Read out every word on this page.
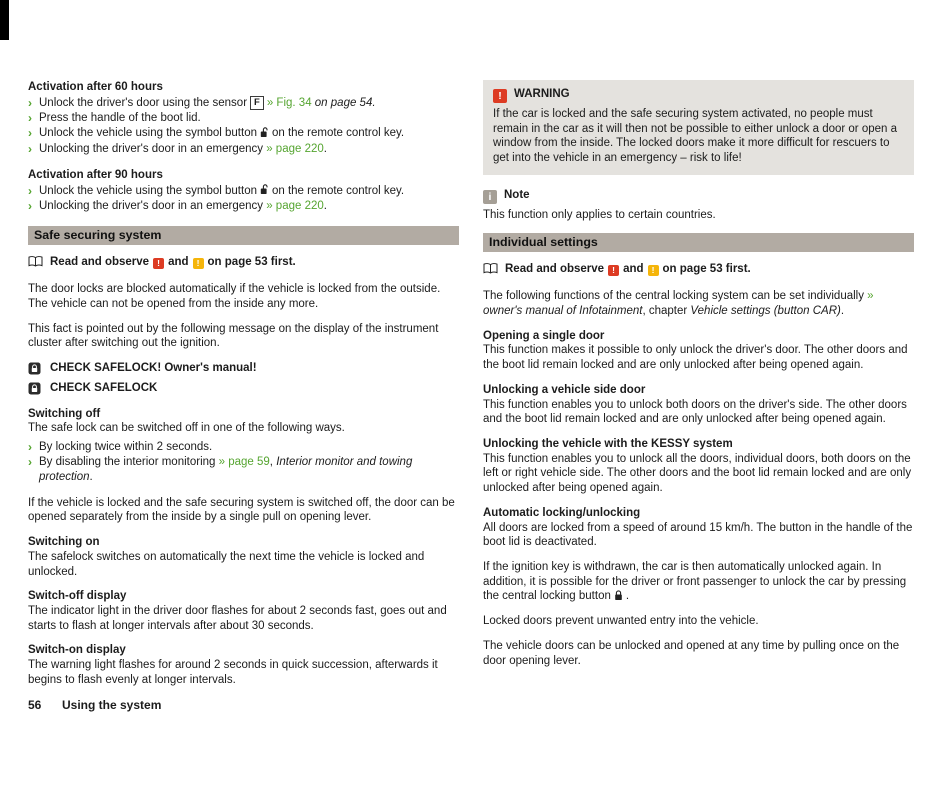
Activation after 60 hours
› Unlock the driver's door using the sensor F » Fig. 34 on page 54.
› Press the handle of the boot lid.
› Unlock the vehicle using the symbol button on the remote control key.
› Unlocking the driver's door in an emergency » page 220.
Activation after 90 hours
› Unlock the vehicle using the symbol button on the remote control key.
› Unlocking the driver's door in an emergency » page 220.
Safe securing system
Read and observe ! and ! on page 53 first.

The door locks are blocked automatically if the vehicle is locked from the outside. The vehicle can not be opened from the inside any more.

This fact is pointed out by the following message on the display of the instrument cluster after switching out the ignition.

CHECK SAFELOCK! Owner's manual!
CHECK SAFELOCK
Switching off

The safe lock can be switched off in one of the following ways.

› By locking twice within 2 seconds.
› By disabling the interior monitoring » page 59, Interior monitor and towing protection.

If the vehicle is locked and the safe securing system is switched off, the door can be opened separately from the inside by a single pull on opening lever.

Switching on

The safelock switches on automatically the next time the vehicle is locked and unlocked.

Switch-off display

The indicator light in the driver door flashes for about 2 seconds fast, goes out and starts to flash at longer intervals after about 30 seconds.

Switch-on display

The warning light flashes for around 2 seconds in quick succession, afterwards it begins to flash evenly at longer intervals.

! WARNING
If the car is locked and the safe securing system activated, no people must remain in the car as it will then not be possible to either unlock a door or open a window from the inside. The locked doors make it more difficult for rescuers to get into the vehicle in an emergency – risk to life!
i Note

This function only applies to certain countries.

Individual settings
Read and observe ! and ! on page 53 first.

The following functions of the central locking system can be set individually » owner's manual of Infotainment, chapter Vehicle settings (button CAR).

Opening a single door

This function makes it possible to only unlock the driver's door. The other doors and the boot lid remain locked and are only unlocked after being opened again.

Unlocking a vehicle side door

This function enables you to unlock both doors on the driver's side. The other doors and the boot lid remain locked and are only unlocked after being opened again.

Unlocking the vehicle with the KESSY system

This function enables you to unlock all the doors, individual doors, both doors on the left or right vehicle side. The other doors and the boot lid remain locked and are only unlocked after being opened again.

Automatic locking/unlocking

All doors are locked from a speed of around 15 km/h. The button in the handle of the boot lid is deactivated.

If the ignition key is withdrawn, the car is then automatically unlocked again. In addition, it is possible for the driver or front passenger to unlock the car by pressing the central locking button .

Locked doors prevent unwanted entry into the vehicle.

The vehicle doors can be unlocked and opened at any time by pulling once on the door opening lever.

56 Using the system
